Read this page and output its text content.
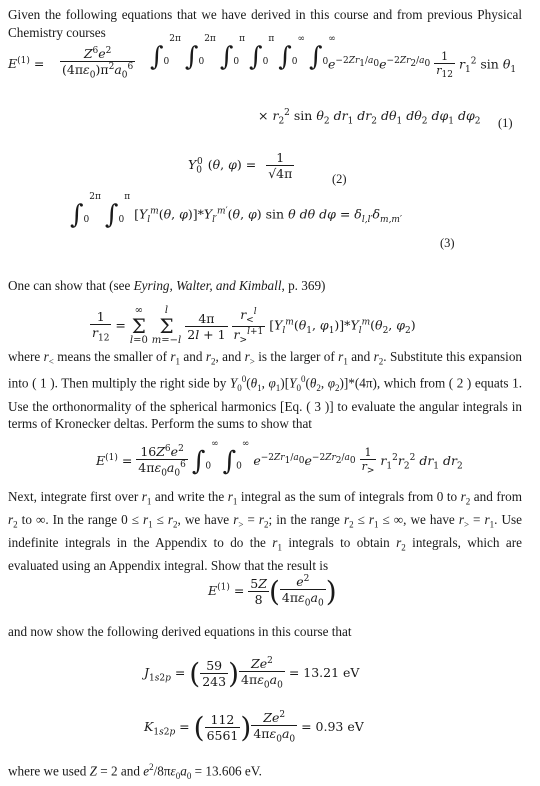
Given the following equations that we have derived in this course and from previous Physical Chemistry courses
$E^{(1)} = \frac{Z^6e^2}{(4\pi\varepsilon_0)\pi^2a_0^6} \int_0^{2\pi}$ $\int_0^{2\pi}$ $\int_0^\pi$ $\int_0^\pi$ $\int_0^\infty$ $\int_0^\infty$
$e^{-2Zr_1/a_0}e^{-2Zr_2/a_0} \frac{1}{r_{12}} r_1^2$ $\sin \theta_1$
× $r_2^2$ $\sin \theta_2$ $dr_1$ $dr_2$ $d\theta_1$ $d\theta_2$ $d\varphi_1$ $d\varphi_2$ (1)
$Y_0^0$ (θ, $\varphi) = \frac{1}{√4\pi}$	(2)
$\int_0^{2\pi}$ $\int_0^\pi$ [$Y_l^m(\theta$, $\varphi)]*Y_{l'}^{m'}(\theta$, φ) sin θ dθ $d\varphi = \delta_{l,l'}\delta_{m,m'}$
(3)
One can show that (see Eyring, Walter, and Kimball, p. 369)
$\frac{1}{r_{12}}$ = ∞
Σ
l=0 l
Σ
$m=-l \frac{4\pi}{2l + 1}$
$\frac{r_<^l}{r_>^{l+1}} [Y_l^m(\theta_1$, $\varphi_1)]*Y_l^m(\theta_2$, $\varphi_2$)
where $r_<$ means the smaller of $r_1$ and $r_2$, and $r_>$ is the larger of $r_1$ and $r_2$. Substitute this expansion into ( 1 ). Then multiply the right side by $Y_0^0(\theta_1$, $\varphi_1)[Y_0^0(\theta_2$, $\varphi_2)]*(4\pi)$, which from ( 2 ) equats 1. Use the orthonormality of the spherical harmonics [Eq. ( 3 )] to evaluate the angular integrals in terms of Kronecker deltas. Perform the sums to show that
$E^{(1)} = \frac{16Z^6e^2}{4\pi\varepsilon_0a_0^6} \int_0^\infty$ $\int_0^\infty$ $e^{-2Zr_1/a_0}e^{-2Zr_2/a_0} \frac{1}{r_>} r_1^2r_2^2$ $dr_1$ $dr_2$
Next, integrate first over $r_1$ and write the $r_1$ integral as the sum of integrals from 0 to $r_2$ and from $r_2$ to ∞. In the range $0 \le r_1 \le r_2$, we have $r_> = r_2$; in the range $r_2 \le r_1$ ≤ ∞, we have $r_> = r_1$. Use indefinite integrals in the Appendix to do the $r_1$ integrals to obtain $r_2$ integrals, which are evaluated using an Appendix integral. Show that the result is
$E^{(1)} = \frac{5Z}{8}$ ( $\frac{e^2}{4\pi\varepsilon_0a_0}$ )
and now show the following derived equations in this course that
$J_{1s2p}$ = ( $\frac{59}{243}$ ) $\frac{Ze^2}{4\pi\varepsilon_0a_0} = 13.21$ eV
$K_{1s2p}$ = ( $\frac{112}{6561}$ ) $\frac{Ze^2}{4\pi\varepsilon_0a_0} = 0.93$ eV
where we used Z = 2 and $e^2/8\pi\varepsilon_0a_0 = 13.606$ eV.
